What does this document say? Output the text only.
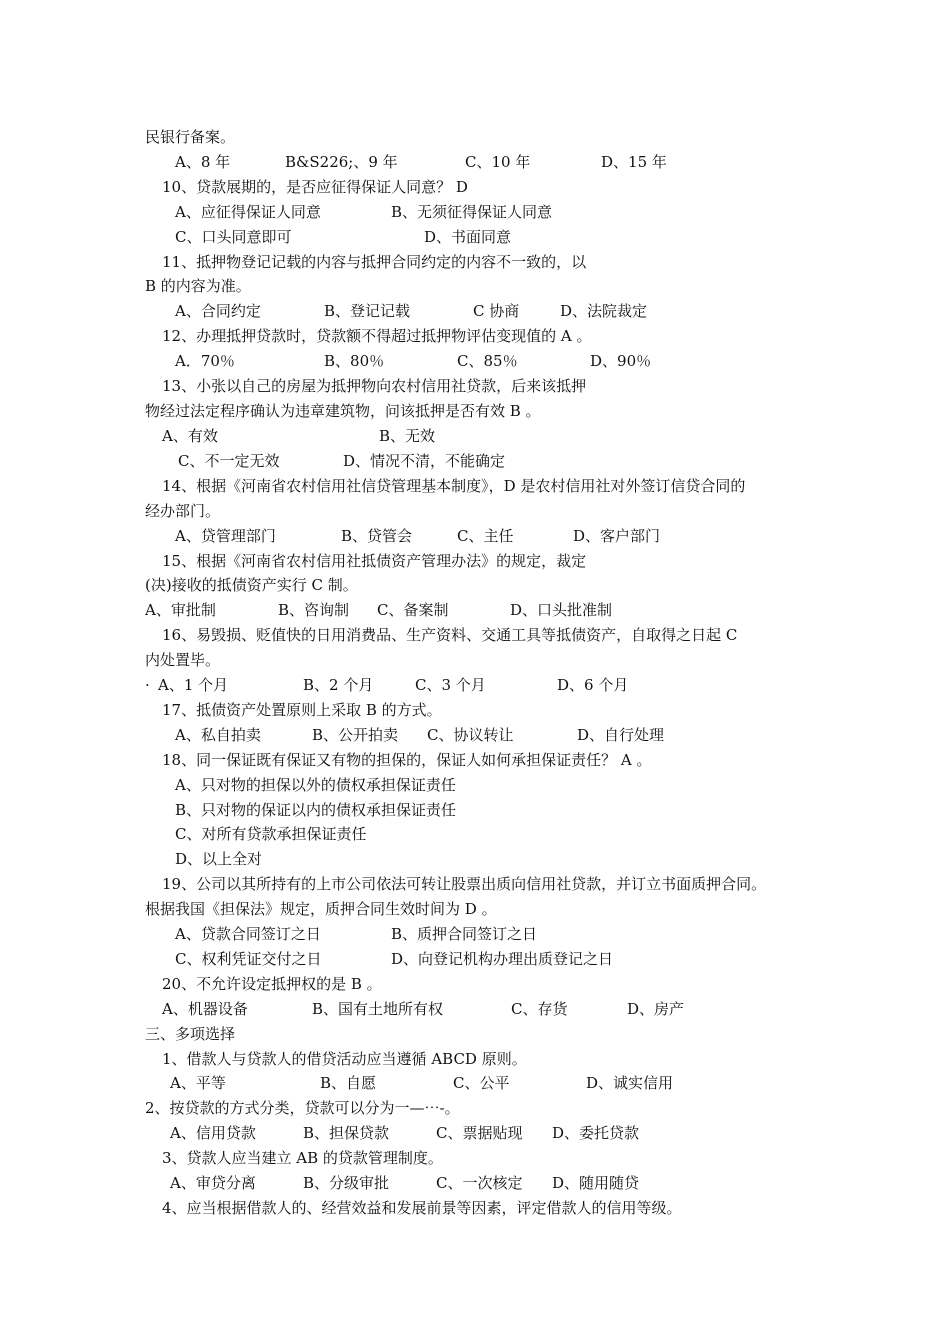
民银行备案。
A、8 年	B&S226;、9 年	C、10 年	D、15 年
10、贷款展期的，是否应征得保证人同意？ D
A、应征得保证人同意	B、无须征得保证人同意
C、口头同意即可	D、书面同意
11、抵押物登记记载的内容与抵押合同约定的内容不一致的，以
B 的内容为准。
A、合同约定	B、登记记载	C 协商	D、法院裁定
12、办理抵押贷款时，贷款额不得超过抵押物评估变现值的 A 。
A．70％	B、80％	C、85％	D、90％
13、小张以自己的房屋为抵押物向农村信用社贷款，后来该抵押
物经过法定程序确认为违章建筑物，问该抵押是否有效 B 。
A、有效	B、无效
C、不一定无效	D、情况不清，不能确定
14、根据《河南省农村信用社信贷管理基本制度》，D 是农村信用社对外签订信贷合同的
经办部门。
A、贷管理部门	B、贷管会	C、主任	D、客户部门
15、根据《河南省农村信用社抵债资产管理办法》的规定，裁定
(决)接收的抵债资产实行 C 制。
A、审批制	B、咨询制 C、备案制	D、口头批准制
16、易毁损、贬值快的日用消费品、生产资料、交通工具等抵债资产，自取得之日起 C
内处置毕。
· A、1 个月	B、2 个月	C、3 个月	D、6 个月
17、抵债资产处置原则上采取 B 的方式。
A、私自拍卖	B、公开拍卖 C、协议转让	D、自行处理
18、同一保证既有保证又有物的担保的，保证人如何承担保证责任？ A 。
A、只对物的担保以外的债权承担保证责任
B、只对物的保证以内的债权承担保证责任
C、对所有贷款承担保证责任
D、以上全对
19、公司以其所持有的上市公司依法可转让股票出质向信用社贷款，并订立书面质押合同。
根据我国《担保法》规定，质押合同生效时间为 D 。
A、贷款合同签订之日	B、质押合同签订之日
C、权利凭证交付之日	D、向登记机构办理出质登记之日
20、不允许设定抵押权的是 B 。
A、机器设备	B、国有土地所有权	C、存货	D、房产
三、多项选择
1、借款人与贷款人的借贷活动应当遵循 ABCD 原则。
A、平等	B、自愿	C、公平	D、诚实信用
2、按贷款的方式分类，贷款可以分为一—⋯-。
A、信用贷款	B、担保贷款	C、票据贴现 D、委托贷款
3、贷款人应当建立 AB 的贷款管理制度。
A、审贷分离	B、分级审批	C、一次核定 D、随用随贷
4、应当根据借款人的、经营效益和发展前景等因素，评定借款人的信用等级。
